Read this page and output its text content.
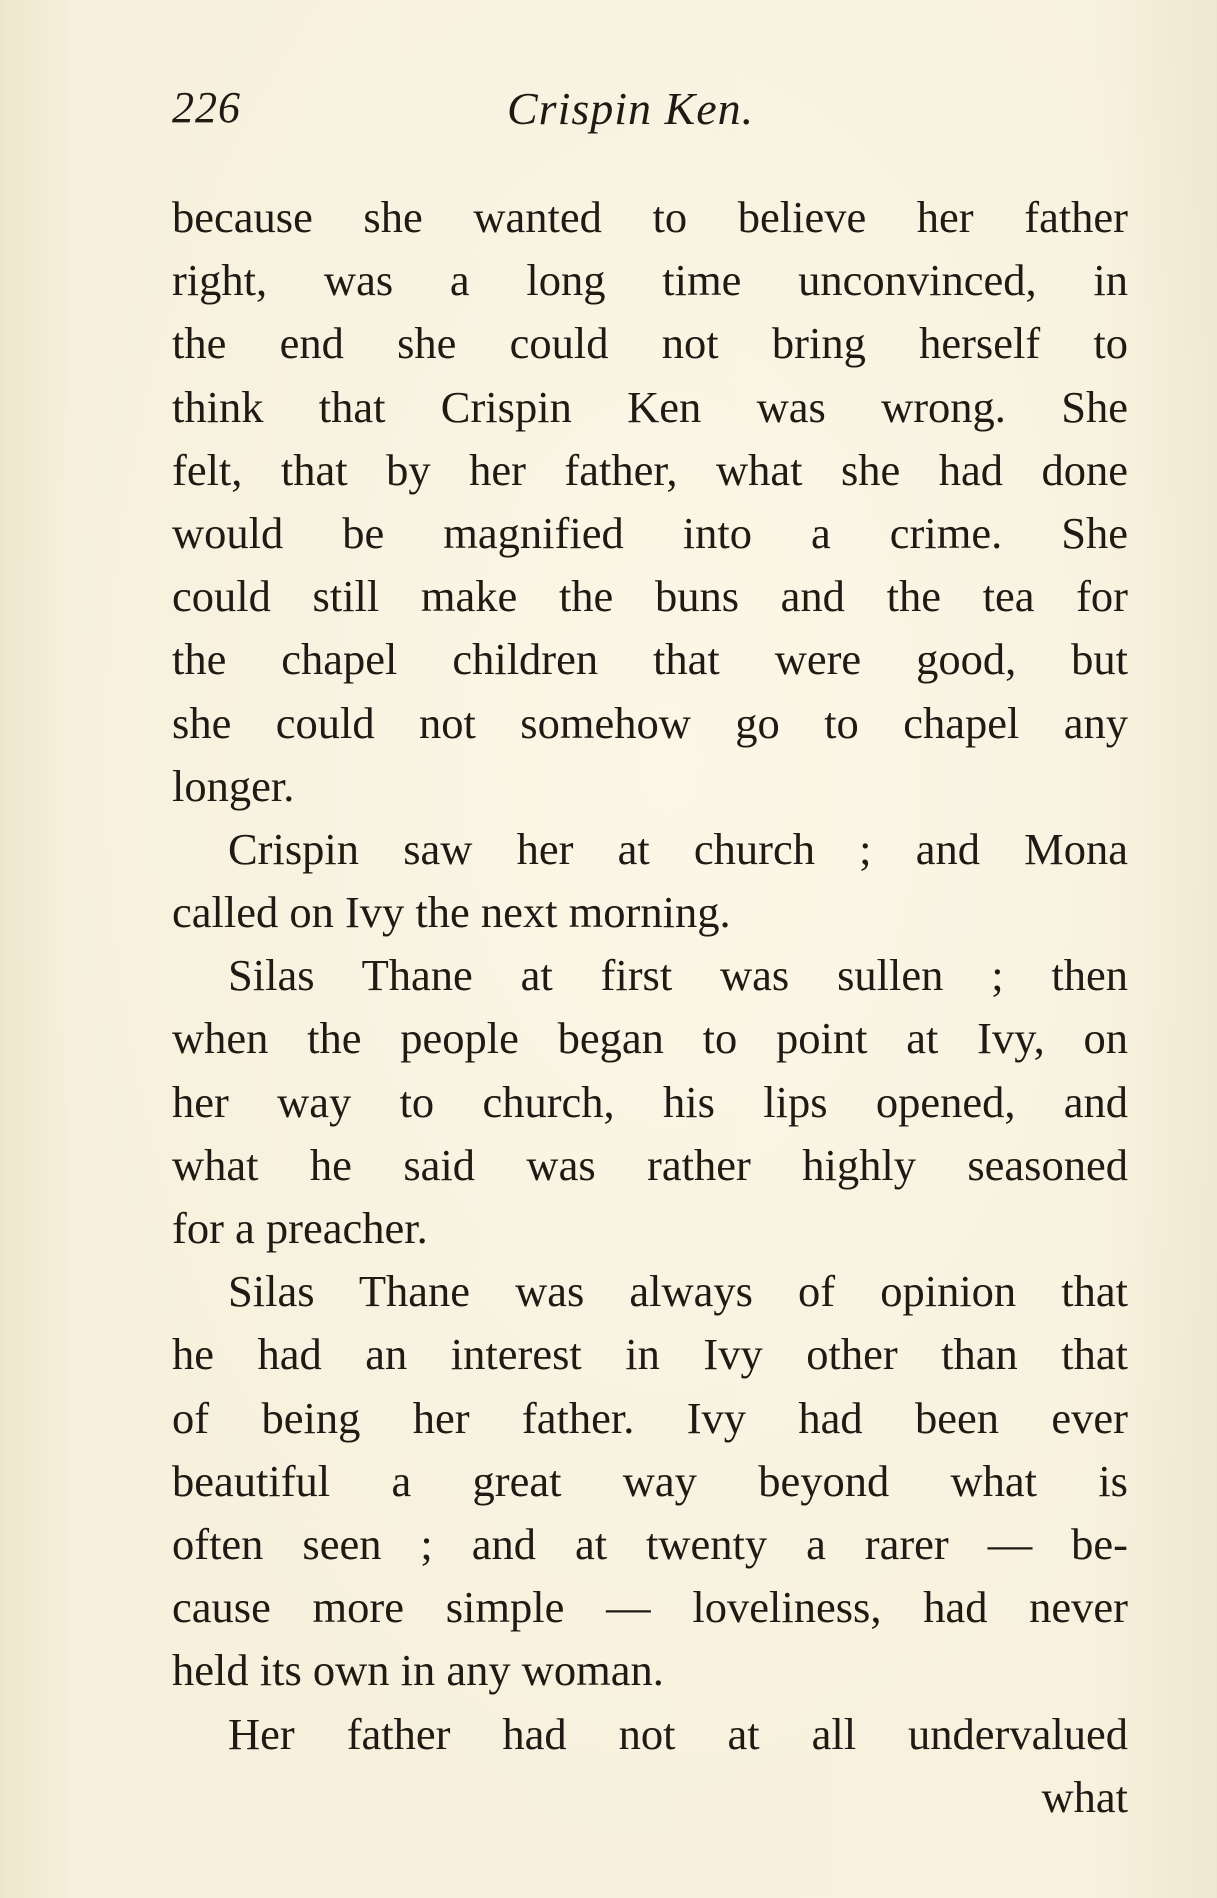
226	Crispin Ken.
because she wanted to believe her father
right, was a long time unconvinced, in
the end she could not bring herself to
think that Crispin Ken was wrong. She
felt, that by her father, what she had done
would be magnified into a crime. She
could still make the buns and the tea for
the chapel children that were good, but
she could not somehow go to chapel any
longer.
Crispin saw her at church ; and Mona
called on Ivy the next morning.
Silas Thane at first was sullen ; then
when the people began to point at Ivy, on
her way to church, his lips opened, and
what he said was rather highly seasoned
for a preacher.
Silas Thane was always of opinion that
he had an interest in Ivy other than that
of being her father. Ivy had been ever
beautiful a great way beyond what is
often seen ; and at twenty a rarer — be-
cause more simple — loveliness, had never
held its own in any woman.
Her father had not at all undervalued
what
